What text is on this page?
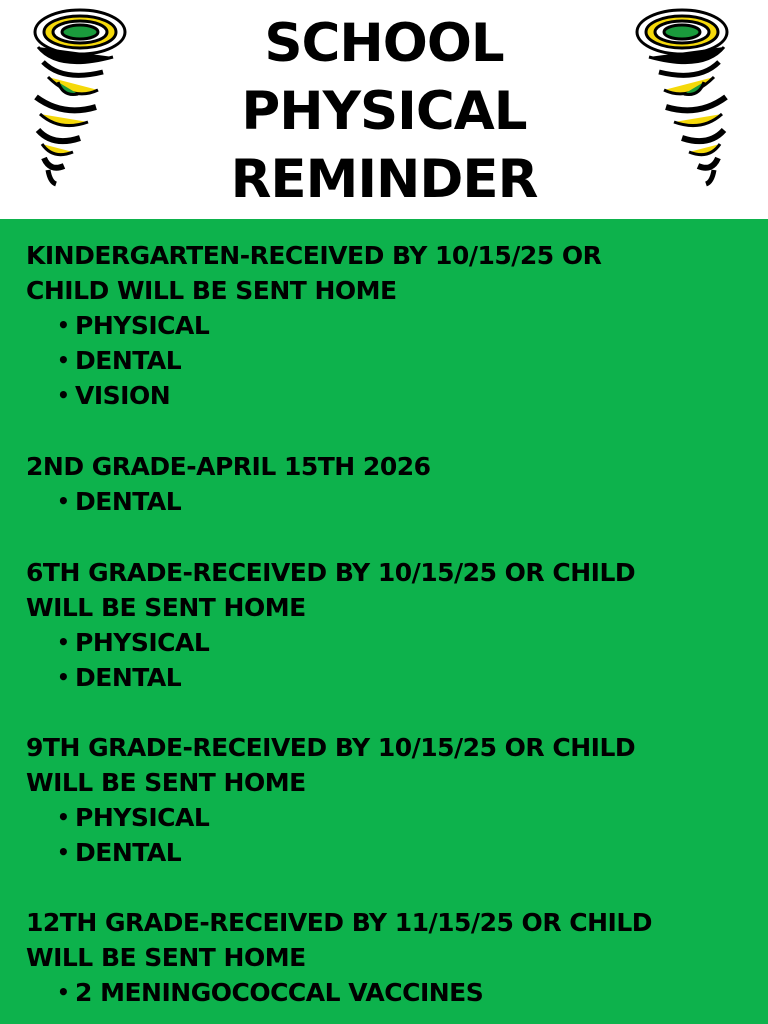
SCHOOL
PHYSICAL
REMINDER
KINDERGARTEN-RECEIVED BY 10/15/25 OR
CHILD WILL BE SENT HOME
• PHYSICAL
• DENTAL
• VISION
2ND GRADE-APRIL 15TH 2026
• DENTAL
6TH GRADE-RECEIVED BY 10/15/25 OR CHILD
WILL BE SENT HOME
• PHYSICAL
• DENTAL
9TH GRADE-RECEIVED BY 10/15/25 OR CHILD
WILL BE SENT HOME
• PHYSICAL
• DENTAL
12TH GRADE-RECEIVED BY 11/15/25 OR CHILD
WILL BE SENT HOME
• 2 MENINGOCOCCAL VACCINES
